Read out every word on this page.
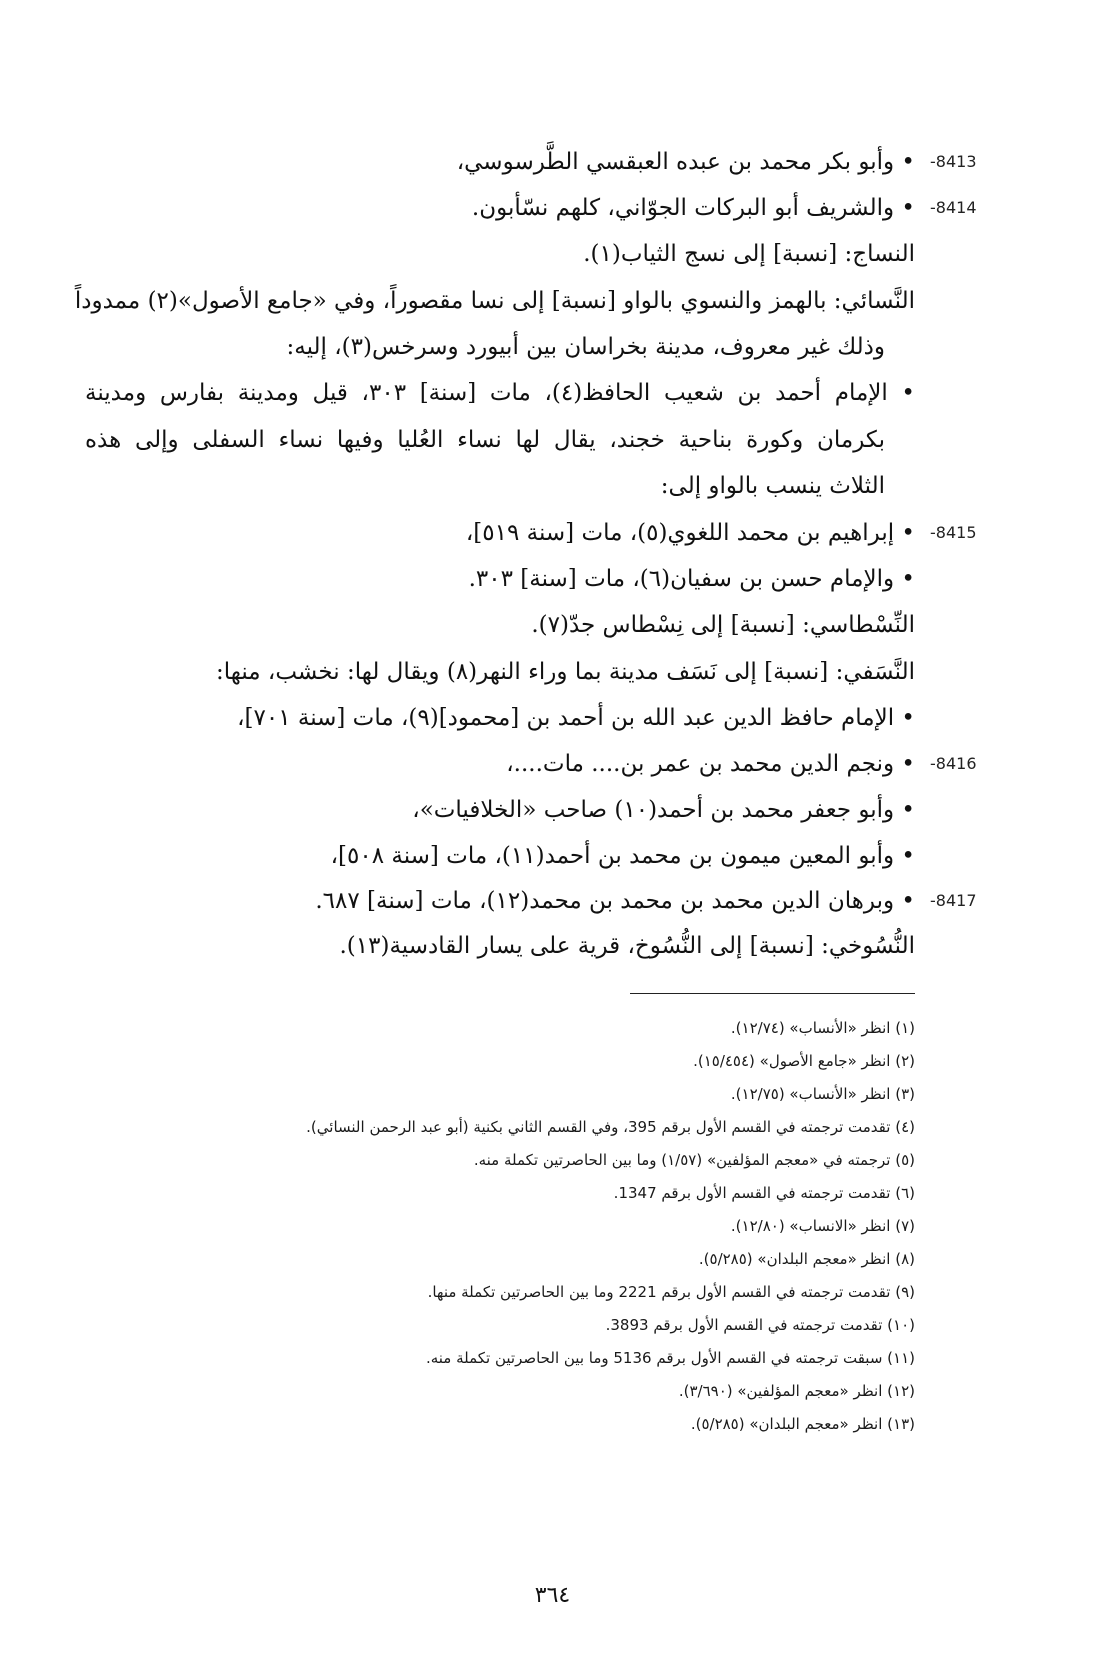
-8413
• وأبو بكر محمد بن عبده العبقسي الطَّرسوسي،
-8414
• والشريف أبو البركات الجوّاني، كلهم نسّأبون.
النساج: [نسبة] إلى نسج الثياب(١).
النَّسائي: بالهمز والنسوي بالواو [نسبة] إلى نسا مقصوراً، وفي «جامع الأصول»(٢) ممدوداً
وذلك غير معروف، مدينة بخراسان بين أبيورد وسرخس(٣)، إليه:
• الإمام أحمد بن شعيب الحافظ(٤)، مات [سنة] ٣٠٣، قيل ومدينة بفارس ومدينة
بكرمان وكورة بناحية خجند، يقال لها نساء العُليا وفيها نساء السفلى وإلى هذه
الثلاث ينسب بالواو إلى:
-8415
• إبراهيم بن محمد اللغوي(٥)، مات [سنة ٥١٩]،
• والإمام حسن بن سفيان(٦)، مات [سنة] ٣٠٣.
النِّسْطاسي: [نسبة] إلى نِسْطاس جدّ(٧).
النَّسَفي: [نسبة] إلى نَسَف مدينة بما وراء النهر(٨) ويقال لها: نخشب، منها:
• الإمام حافظ الدين عبد الله بن أحمد بن [محمود](٩)، مات [سنة ٧٠١]،
-8416
• ونجم الدين محمد بن عمر بن.... مات....،
• وأبو جعفر محمد بن أحمد(١٠) صاحب «الخلافيات»،
• وأبو المعين ميمون بن محمد بن أحمد(١١)، مات [سنة ٥٠٨]،
-8417
• وبرهان الدين محمد بن محمد بن محمد(١٢)، مات [سنة] ٦٨٧.
النُّسُوخي: [نسبة] إلى النُّسُوخ، قرية على يسار القادسية(١٣).
(١) انظر «الأنساب» (١٢/٧٤).
(٢) انظر «جامع الأصول» (١٥/٤٥٤).
(٣) انظر «الأنساب» (١٢/٧٥).
(٤) تقدمت ترجمته في القسم الأول برقم 395، وفي القسم الثاني بكنية (أبو عبد الرحمن النسائي).
(٥) ترجمته في «معجم المؤلفين» (١/٥٧) وما بين الحاصرتين تكملة منه.
(٦) تقدمت ترجمته في القسم الأول برقم 1347.
(٧) انظر «الانساب» (١٢/٨٠).
(٨) انظر «معجم البلدان» (٥/٢٨٥).
(٩) تقدمت ترجمته في القسم الأول برقم 2221 وما بين الحاصرتين تكملة منها.
(١٠) تقدمت ترجمته في القسم الأول برقم 3893.
(١١) سبقت ترجمته في القسم الأول برقم 5136 وما بين الحاصرتين تكملة منه.
(١٢) انظر «معجم المؤلفين» (٣/٦٩٠).
(١٣) انظر «معجم البلدان» (٥/٢٨٥).
٣٦٤
